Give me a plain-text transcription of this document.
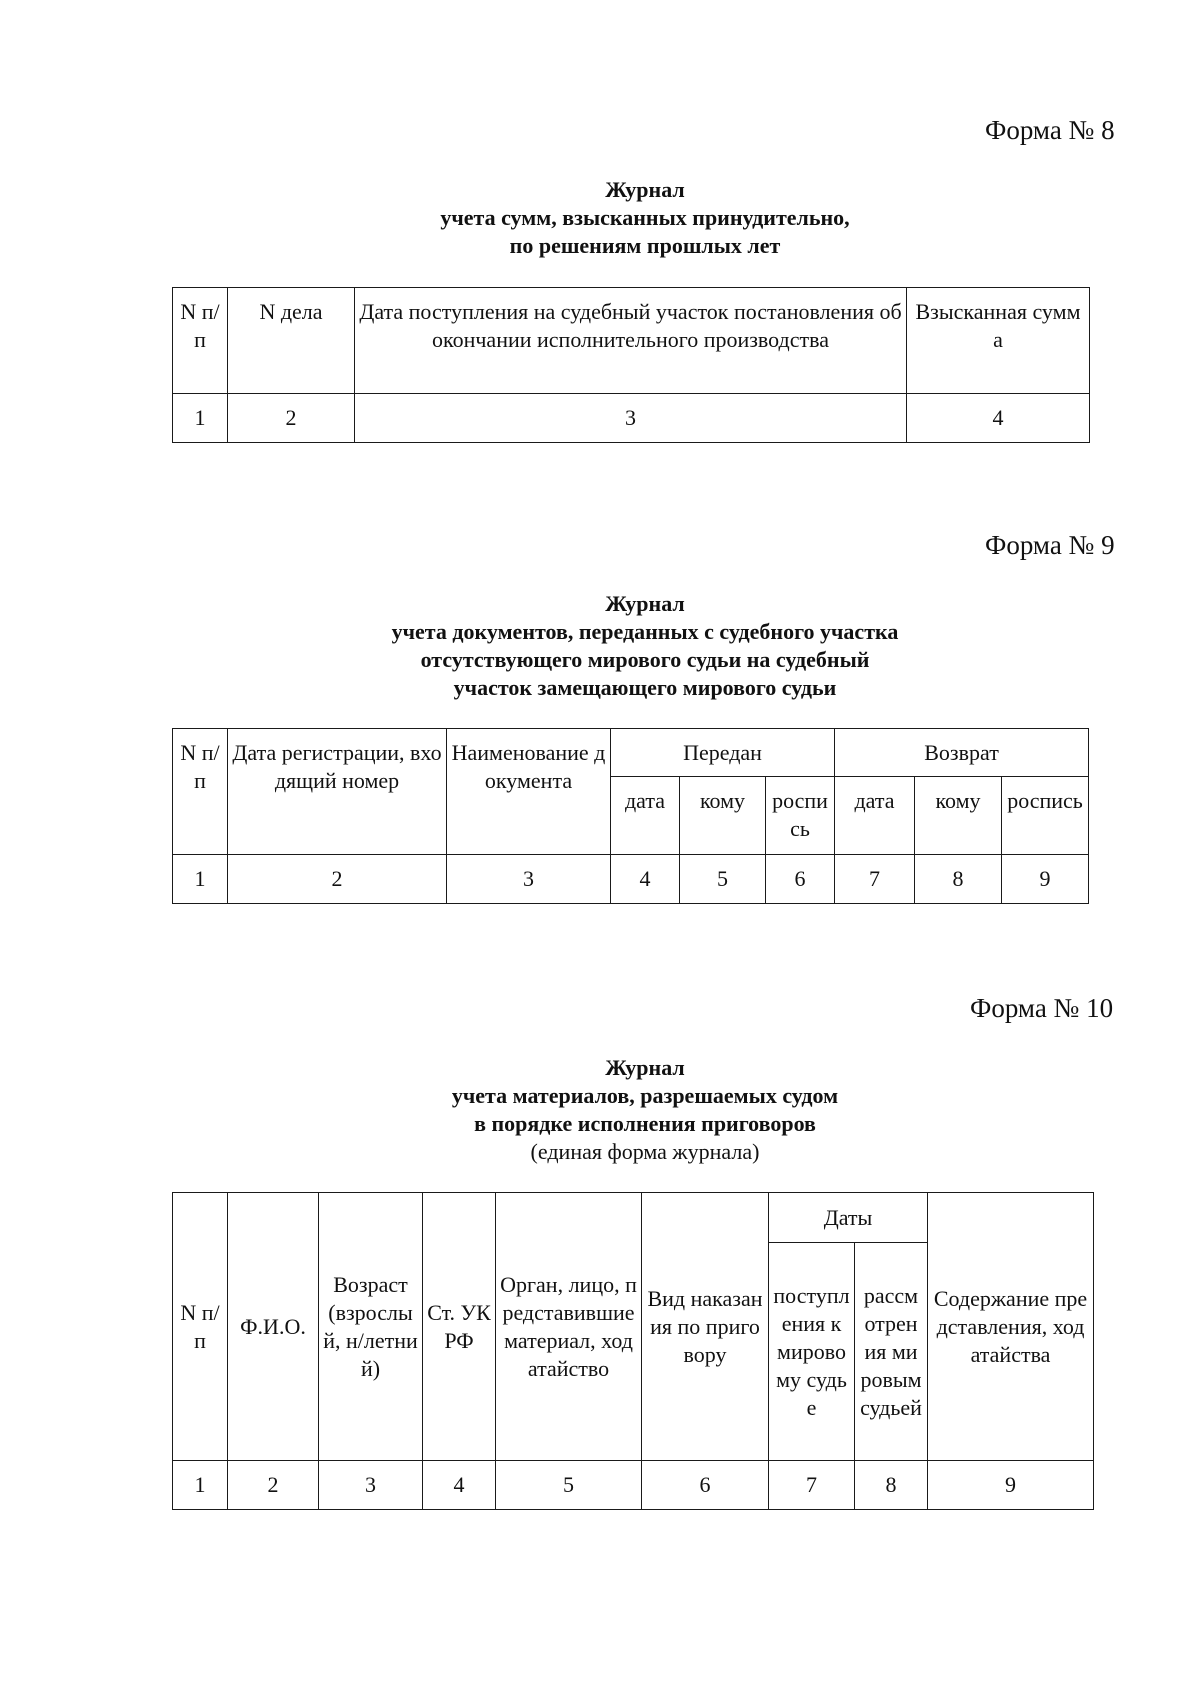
Форма № 8
Журнал
учета сумм, взысканных принудительно,
по решениям прошлых лет
N п/п	N дела	Дата поступления на судебный участок постановления об окончании исполнительного производства	Взысканная сумма
1	2	3	4
Форма № 9
Журнал
учета документов, переданных с судебного участка
отсутствующего мирового судьи на судебный
участок замещающего мирового судьи
N п/п	Дата регистрации, входящий номер	Наименование документа	Передан			Возврат		
			дата	кому	роспись	дата	кому	роспись
1	2	3	4	5	6	7	8	9
Форма № 10
Журнал
учета материалов, разрешаемых судом
в порядке исполнения приговоров
(единая форма журнала)
N п/п	Ф.И.О.	Возраст (взрослый, н/летний)	Ст. УК РФ	Орган, лицо, представившие материал, ходатайство	Вид наказания по приговору	Даты		Содержание представления, ходатайства
						поступления к мировому судье	рассмотрения мировым судьей	
1	2	3	4	5	6	7	8	9
